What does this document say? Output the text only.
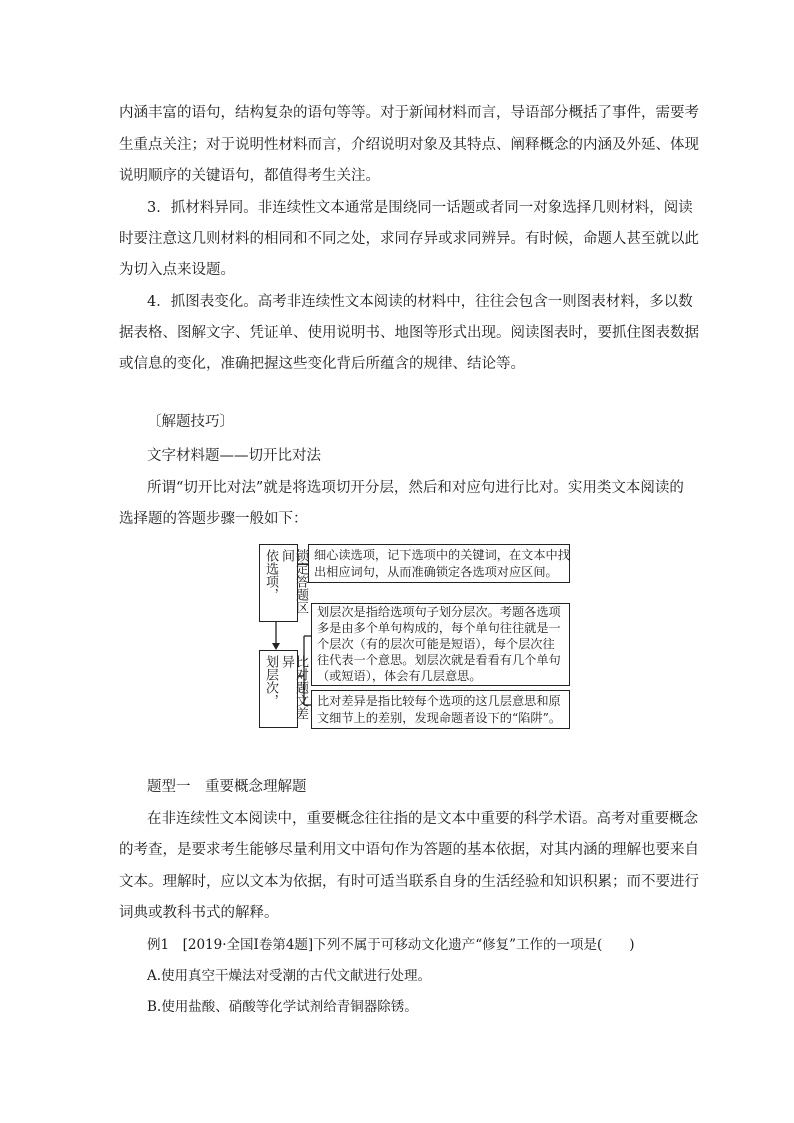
内涵丰富的语句，结构复杂的语句等等。对于新闻材料而言，导语部分概括了事件，需要考
生重点关注；对于说明性材料而言，介绍说明对象及其特点、阐释概念的内涵及外延、体现
说明顺序的关键语句，都值得考生关注。
3．抓材料异同。非连续性文本通常是围绕同一话题或者同一对象选择几则材料，阅读
时要注意这几则材料的相同和不同之处，求同存异或求同辨异。有时候，命题人甚至就以此
为切入点来设题。
4．抓图表变化。高考非连续性文本阅读的材料中，往往会包含一则图表材料，多以数
据表格、图解文字、凭证单、使用说明书、地图等形式出现。阅读图表时，要抓住图表数据
或信息的变化，准确把握这些变化背后所蕴含的规律、结论等。
〔解题技巧〕
文字材料题——切开比对法
所谓“切开比对法”就是将选项切开分层，然后和对应句进行比对。实用类文本阅读的
选择题的答题步骤一般如下：
依选项，	锁定答题区间	细心读选项，记下选项中的关键词，在文本中找
出相应词句，从而准确锁定各选项对应区间。
划层次，	比对题文差异
划层次是指给选项句子划分层次。考题各选项
多是由多个单句构成的，每个单句往往就是一
个层次（有的层次可能是短语），每个层次往
往代表一个意思。划层次就是看看有几个单句
（或短语），体会有几层意思。
比对差异是指比较每个选项的这几层意思和原
文细节上的差别，发现命题者设下的“陷阱”。
题型一　重要概念理解题
在非连续性文本阅读中，重要概念往往指的是文本中重要的科学术语。高考对重要概念
的考查，是要求考生能够尽量利用文中语句作为答题的基本依据，对其内涵的理解也要来自
文本。理解时，应以文本为依据，有时可适当联系自身的生活经验和知识积累；而不要进行
词典或教科书式的解释。
例1　[2019·全国Ⅰ卷第4题]下列不属于可移动文化遗产“修复”工作的一项是(　　)
A.使用真空干燥法对受潮的古代文献进行处理。
B.使用盐酸、硝酸等化学试剂给青铜器除锈。
